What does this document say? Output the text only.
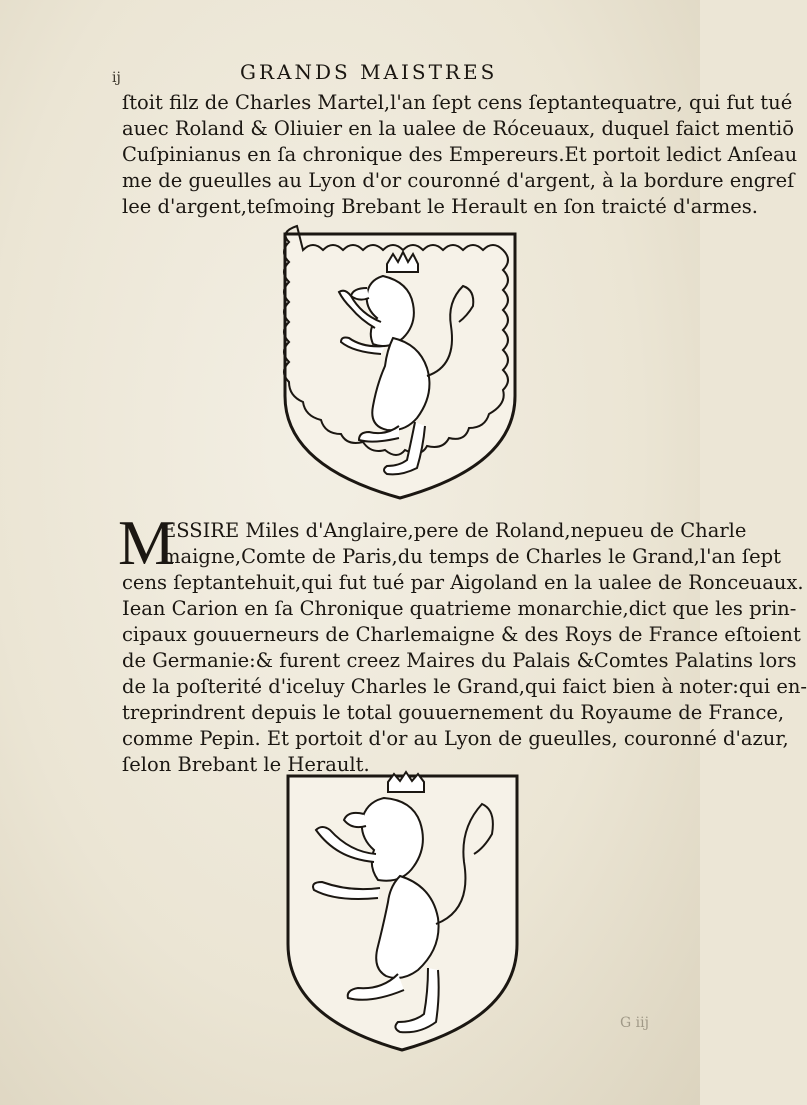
ij	GRANDS MAISTRES
ſtoit filz de Charles Martel,l'an ſept cens ſeptantequatre, qui fut tué
auec Roland & Oliuier en la ualee de Róceuaux, duquel faict mentiō
Cuſpinianus en ſa chronique des Empereurs.Et portoit ledict Anſeau
me de gueulles au Lyon d'or couronné d'argent, à la bordure engreſ
lee d'argent,teſmoing Brebant le Herault en ſon traicté d'armes.
M
ESSIRE Miles d'Anglaire,pere de Roland,nepueu de Charle
maigne,Comte de Paris,du temps de Charles le Grand,l'an ſept
cens ſeptantehuit,qui fut tué par Aigoland en la ualee de Ronceuaux.
Iean Carion en ſa Chronique quatrieme monarchie,dict que les prin-
cipaux gouuerneurs de Charlemaigne & des Roys de France eſtoient
de Germanie:& furent creez Maires du Palais &Comtes Palatins lors
de la poſterité d'iceluy Charles le Grand,qui faict bien à noter:qui en-
treprindrent depuis le total gouuernement du Royaume de France,
comme Pepin. Et portoit d'or au Lyon de gueulles, couronné d'azur,
ſelon Brebant le Herault.
G iij
